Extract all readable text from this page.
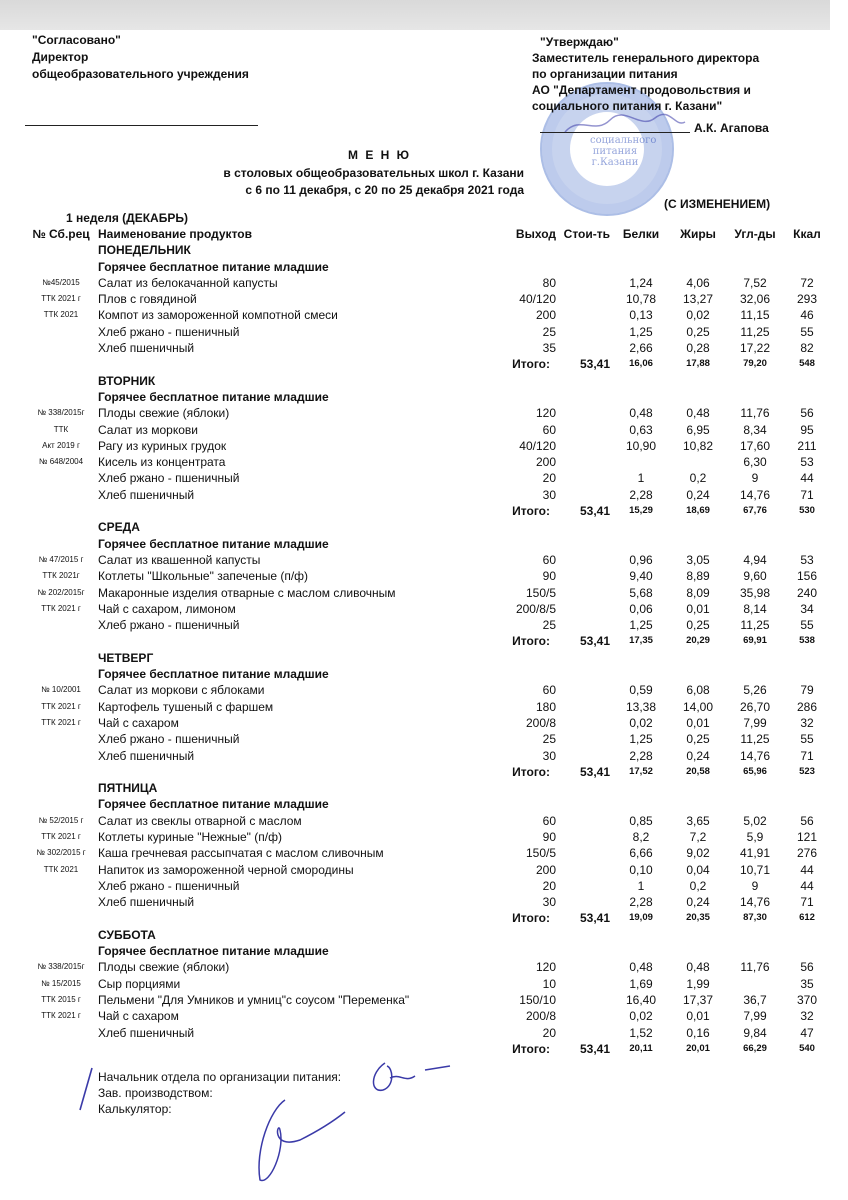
"Согласовано"
Директор
общеобразовательного учреждения
социального питания г.Казани
"Утверждаю"
Заместитель генерального директора
по организации питания
АО "Департамент продовольствия и
социального питания г. Казани"
А.К. Агапова
М Е Н Ю
в столовых общеобразовательных школ г. Казани
с 6 по 11 декабря, с 20 по 25 декабря 2021 года
(С ИЗМЕНЕНИЕМ)
1 неделя (ДЕКАБРЬ)
№ Сб.рец	Наименование продуктов	Выход	Стои-ть	Белки	Жиры	Угл-ды	Ккал
	ПОНЕДЕЛЬНИК						
	Горячее бесплатное питание младшие						
№45/2015	Салат из белокачанной капусты	80		1,24	4,06	7,52	72
ТТК 2021 г	Плов с говядиной	40/120		10,78	13,27	32,06	293
ТТК 2021	Компот из замороженной компотной смеси	200		0,13	0,02	11,15	46
	Хлеб ржано - пшеничный	25		1,25	0,25	11,25	55
	Хлеб пшеничный	35		2,66	0,28	17,22	82
		Итого:	53,41	16,06	17,88	79,20	548
	ВТОРНИК						
	Горячее бесплатное питание младшие						
№ 338/2015г	Плоды свежие (яблоки)	120		0,48	0,48	11,76	56
ТТК	Салат из моркови	60		0,63	6,95	8,34	95
Акт 2019 г	Рагу из куриных грудок	40/120		10,90	10,82	17,60	211
№ 648/2004	Кисель из концентрата	200				6,30	53
	Хлеб ржано - пшеничный	20		1	0,2	9	44
	Хлеб пшеничный	30		2,28	0,24	14,76	71
		Итого:	53,41	15,29	18,69	67,76	530
	СРЕДА						
	Горячее бесплатное питание младшие						
№ 47/2015 г	Салат из квашенной капусты	60		0,96	3,05	4,94	53
ТТК 2021г	Котлеты "Школьные" запеченые (п/ф)	90		9,40	8,89	9,60	156
№ 202/2015г	Макаронные изделия отварные с маслом сливочным	150/5		5,68	8,09	35,98	240
ТТК 2021 г	Чай с сахаром, лимоном	200/8/5		0,06	0,01	8,14	34
	Хлеб ржано - пшеничный	25		1,25	0,25	11,25	55
		Итого:	53,41	17,35	20,29	69,91	538
	ЧЕТВЕРГ						
	Горячее бесплатное питание младшие						
№ 10/2001	Салат из моркови с яблоками	60		0,59	6,08	5,26	79
ТТК 2021 г	Картофель тушеный с фаршем	180		13,38	14,00	26,70	286
ТТК 2021 г	Чай с сахаром	200/8		0,02	0,01	7,99	32
	Хлеб ржано - пшеничный	25		1,25	0,25	11,25	55
	Хлеб пшеничный	30		2,28	0,24	14,76	71
		Итого:	53,41	17,52	20,58	65,96	523
	ПЯТНИЦА						
	Горячее бесплатное питание младшие						
№ 52/2015 г	Салат из свеклы отварной с маслом	60		0,85	3,65	5,02	56
ТТК 2021 г	Котлеты куриные "Нежные" (п/ф)	90		8,2	7,2	5,9	121
№ 302/2015 г	Каша гречневая рассыпчатая с маслом сливочным	150/5		6,66	9,02	41,91	276
ТТК 2021	Напиток из замороженной черной смородины	200		0,10	0,04	10,71	44
	Хлеб ржано - пшеничный	20		1	0,2	9	44
	Хлеб пшеничный	30		2,28	0,24	14,76	71
		Итого:	53,41	19,09	20,35	87,30	612
	СУББОТА						
	Горячее бесплатное питание младшие						
№ 338/2015г	Плоды свежие (яблоки)	120		0,48	0,48	11,76	56
№ 15/2015	Сыр порциями	10		1,69	1,99		35
ТТК 2015 г	Пельмени "Для Умников и умниц"с соусом "Переменка"	150/10		16,40	17,37	36,7	370
ТТК 2021 г	Чай с сахаром	200/8		0,02	0,01	7,99	32
	Хлеб пшеничный	20		1,52	0,16	9,84	47
		Итого:	53,41	20,11	20,01	66,29	540
Начальник отдела по организации питания:
Зав. производством:
Калькулятор:
